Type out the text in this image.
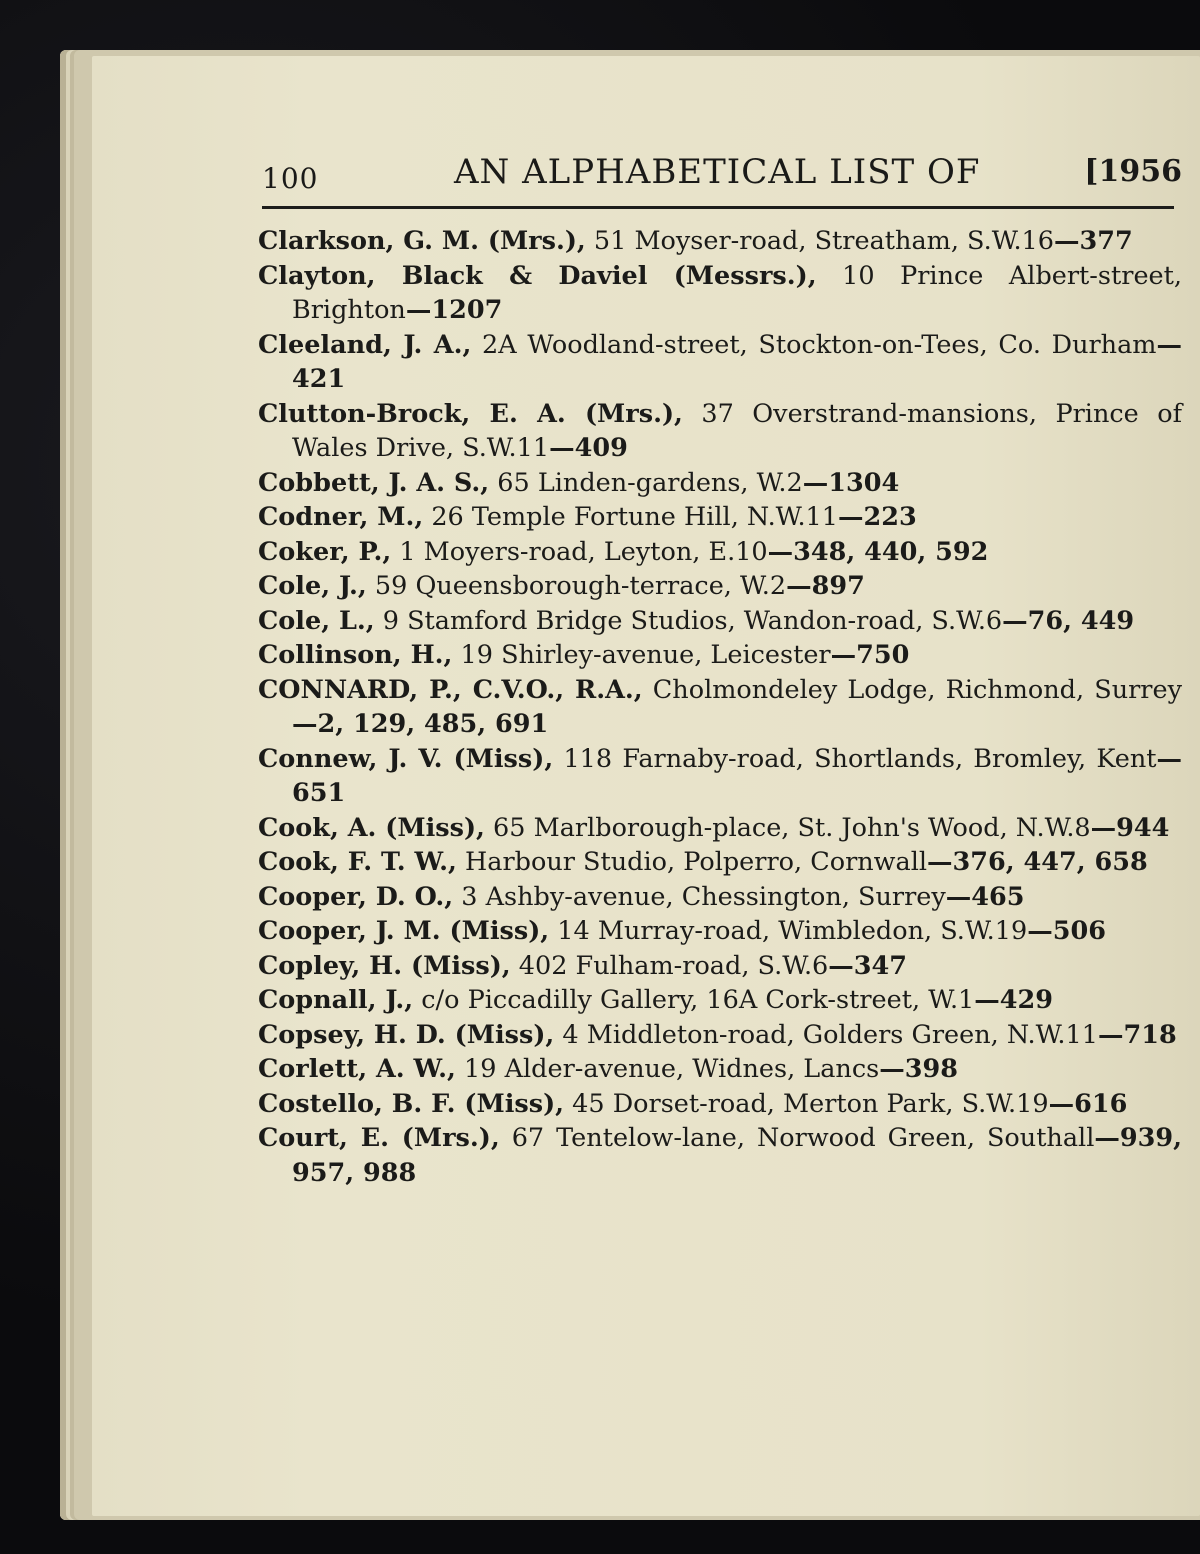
100	AN ALPHABETICAL LIST OF	[1956
Clarkson, G. M. (Mrs.), 51 Moyser-road, Streatham, S.W.16—377
Clayton, Black & Daviel (Messrs.), 10 Prince Albert-street, Brighton—1207
Cleeland, J. A., 2A Woodland-street, Stockton-on-Tees, Co. Durham—421
Clutton-Brock, E. A. (Mrs.), 37 Overstrand-mansions, Prince of Wales Drive, S.W.11—409
Cobbett, J. A. S., 65 Linden-gardens, W.2—1304
Codner, M., 26 Temple Fortune Hill, N.W.11—223
Coker, P., 1 Moyers-road, Leyton, E.10—348, 440, 592
Cole, J., 59 Queensborough-terrace, W.2—897
Cole, L., 9 Stamford Bridge Studios, Wandon-road, S.W.6—76, 449
Collinson, H., 19 Shirley-avenue, Leicester—750
CONNARD, P., C.V.O., R.A., Cholmondeley Lodge, Richmond, Surrey—2, 129, 485, 691
Connew, J. V. (Miss), 118 Farnaby-road, Shortlands, Bromley, Kent—651
Cook, A. (Miss), 65 Marlborough-place, St. John's Wood, N.W.8—944
Cook, F. T. W., Harbour Studio, Polperro, Cornwall—376, 447, 658
Cooper, D. O., 3 Ashby-avenue, Chessington, Surrey—465
Cooper, J. M. (Miss), 14 Murray-road, Wimbledon, S.W.19—506
Copley, H. (Miss), 402 Fulham-road, S.W.6—347
Copnall, J., c/o Piccadilly Gallery, 16A Cork-street, W.1—429
Copsey, H. D. (Miss), 4 Middleton-road, Golders Green, N.W.11—718
Corlett, A. W., 19 Alder-avenue, Widnes, Lancs—398
Costello, B. F. (Miss), 45 Dorset-road, Merton Park, S.W.19—616
Court, E. (Mrs.), 67 Tentelow-lane, Norwood Green, Southall—939, 957, 988
